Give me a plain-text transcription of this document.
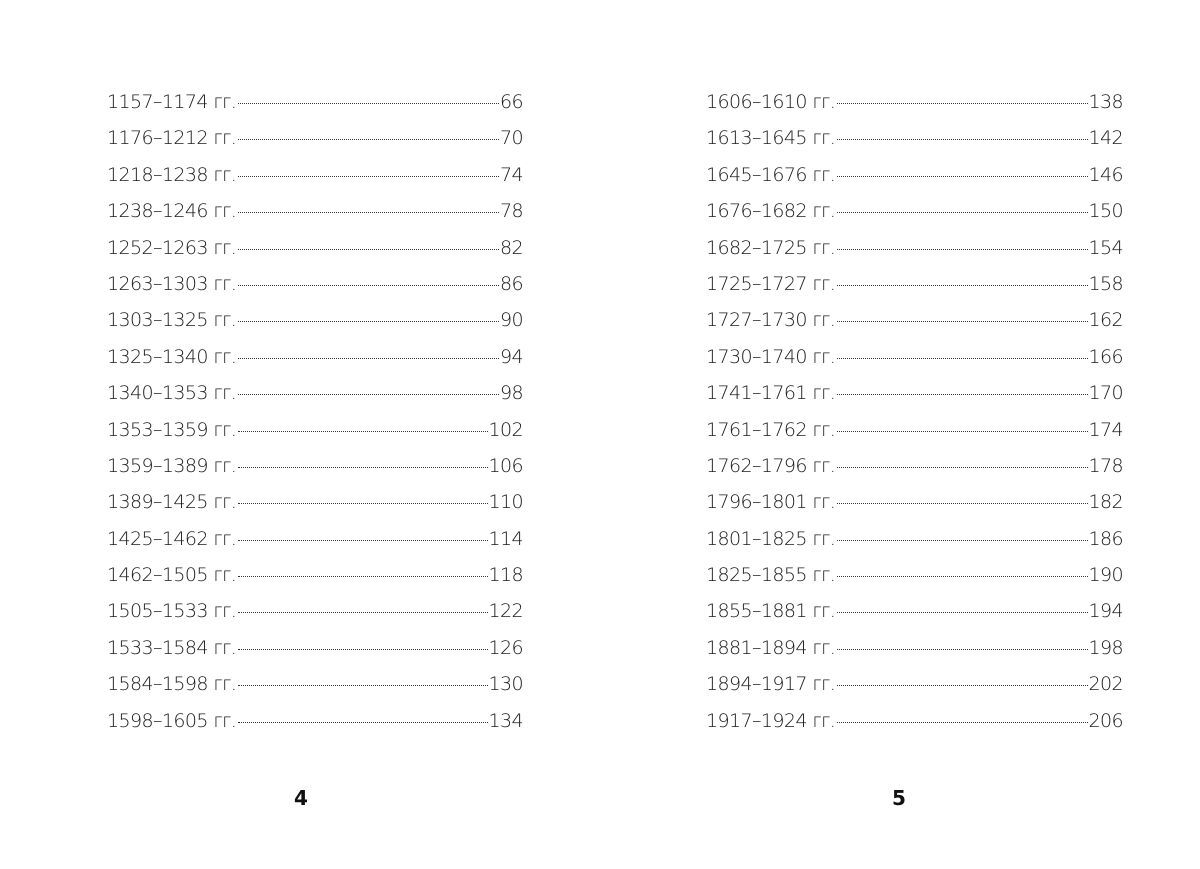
1157–1174 гг.	66
1176–1212 гг.	70
1218–1238 гг.	74
1238–1246 гг.	78
1252–1263 гг.	82
1263–1303 гг.	86
1303–1325 гг.	90
1325–1340 гг.	94
1340–1353 гг.	98
1353–1359 гг.	102
1359–1389 гг.	106
1389–1425 гг.	110
1425–1462 гг.	114
1462–1505 гг.	118
1505–1533 гг.	122
1533–1584 гг.	126
1584–1598 гг.	130
1598–1605 гг.	134
4
1606–1610 гг.	138
1613–1645 гг.	142
1645–1676 гг.	146
1676–1682 гг.	150
1682–1725 гг.	154
1725–1727 гг.	158
1727–1730 гг.	162
1730–1740 гг.	166
1741–1761 гг.	170
1761–1762 гг.	174
1762–1796 гг.	178
1796–1801 гг.	182
1801–1825 гг.	186
1825–1855 гг.	190
1855–1881 гг.	194
1881–1894 гг.	198
1894–1917 гг.	202
1917–1924 гг.	206
5
